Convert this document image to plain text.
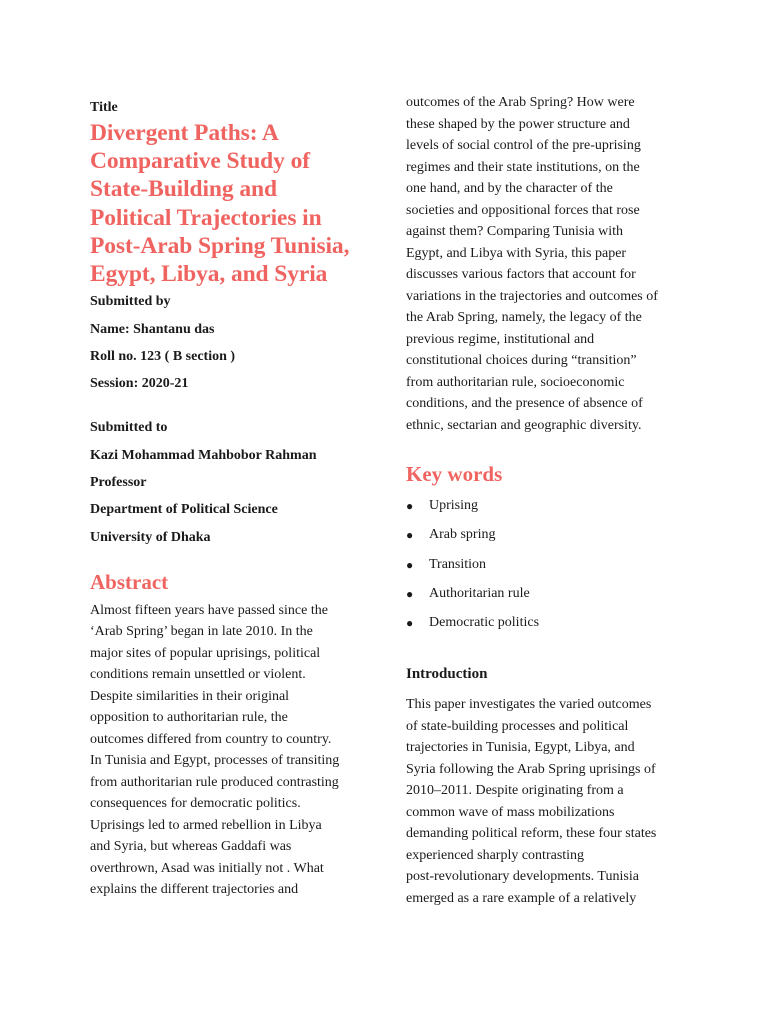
Title

Divergent Paths: A
Comparative Study of
State-Building and
Political Trajectories in
Post-Arab Spring Tunisia,
Egypt, Libya, and Syria

Submitted by

Name: Shantanu das

Roll no. 123 ( B section )

Session: 2020-21

Submitted to

Kazi Mohammad Mahbobor Rahman

Professor

Department of Political Science

University of Dhaka

Abstract
Almost fifteen years have passed since the
‘Arab Spring’ began in late 2010. In the
major sites of popular uprisings, political
conditions remain unsettled or violent.
Despite similarities in their original
opposition to authoritarian rule, the
outcomes differed from country to country.
In Tunisia and Egypt, processes of transiting
from authoritarian rule produced contrasting
consequences for democratic politics.
Uprisings led to armed rebellion in Libya
and Syria, but whereas Gaddafi was
overthrown, Asad was initially not . What
explains the different trajectories and
outcomes of the Arab Spring? How were
these shaped by the power structure and
levels of social control of the pre-uprising
regimes and their state institutions, on the
one hand, and by the character of the
societies and oppositional forces that rose
against them? Comparing Tunisia with
Egypt, and Libya with Syria, this paper
discusses various factors that account for
variations in the trajectories and outcomes of
the Arab Spring, namely, the legacy of the
previous regime, institutional and
constitutional choices during “transition”
from authoritarian rule, socioeconomic
conditions, and the presence of absence of
ethnic, sectarian and geographic diversity.
Key words
● Uprising
● Arab spring
● Transition
● Authoritarian rule
● Democratic politics

Introduction

This paper investigates the varied outcomes
of state-building processes and political
trajectories in Tunisia, Egypt, Libya, and
Syria following the Arab Spring uprisings of
2010–2011. Despite originating from a
common wave of mass mobilizations
demanding political reform, these four states
experienced sharply contrasting
post-revolutionary developments. Tunisia
emerged as a rare example of a relatively
